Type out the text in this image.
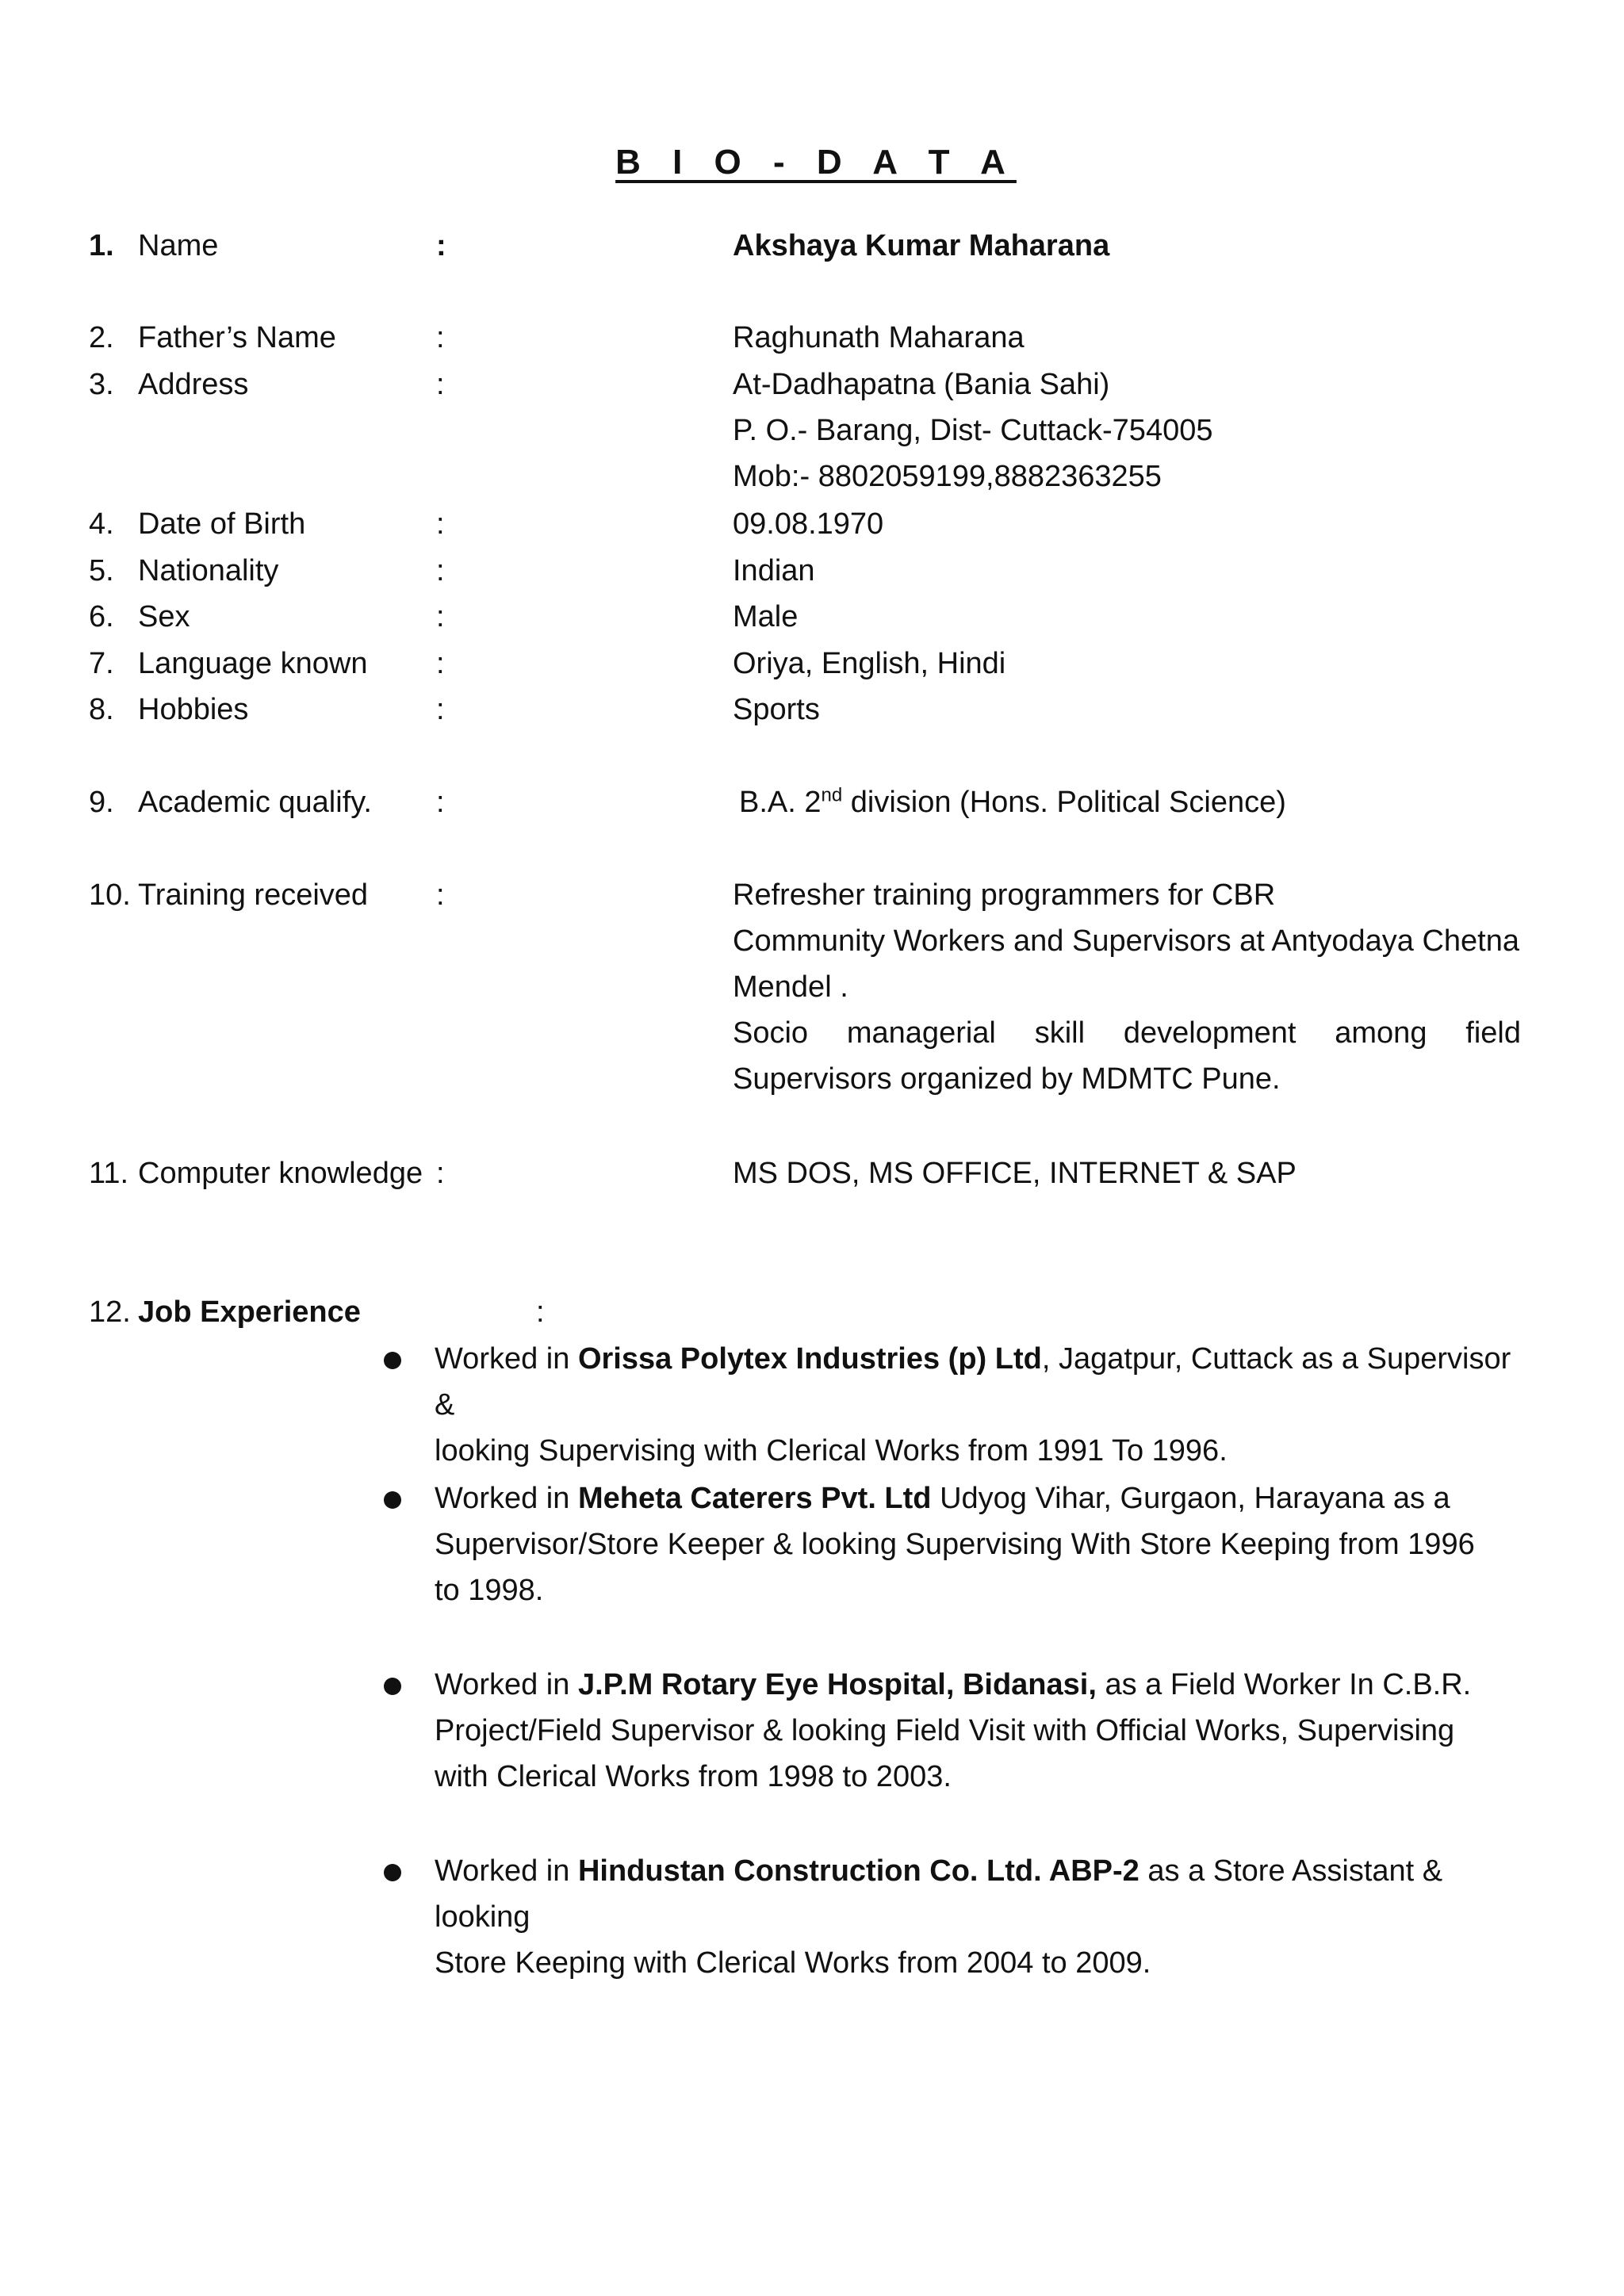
B I O - D A T A
1. Name	:	Akshaya Kumar Maharana
2. Father’s Name	:	Raghunath Maharana
3. Address	:	At-Dadhapatna (Bania Sahi)
P. O.- Barang, Dist- Cuttack-754005
Mob:- 8802059199,8882363255
4. Date of Birth	:	09.08.1970
5. Nationality	:	Indian
6. Sex	:	Male
7. Language known :	Oriya, English, Hindi
8. Hobbies	:	Sports
9. Academic qualify. :	B.A. 2nd division (Hons. Political Science)
10. Training received :	Refresher training programmers for CBR
Community Workers and Supervisors at Antyodaya Chetna
Mendel .
Socio managerial skill development among field
Supervisors organized by MDMTC Pune.
11. Computer knowledge :	MS DOS, MS OFFICE, INTERNET & SAP
12. Job Experience	:
Worked in Orissa Polytex Industries (p) Ltd, Jagatpur, Cuttack as a Supervisor &
looking Supervising with Clerical Works from 1991 To 1996.
Worked in Meheta Caterers Pvt. Ltd Udyog Vihar, Gurgaon, Harayana as a
Supervisor/Store Keeper & looking Supervising With Store Keeping from 1996
to 1998.
Worked in J.P.M Rotary Eye Hospital, Bidanasi, as a Field Worker In C.B.R.
Project/Field Supervisor & looking Field Visit with Official Works, Supervising
with Clerical Works from 1998 to 2003.
Worked in Hindustan Construction Co. Ltd. ABP-2 as a Store Assistant & looking
Store Keeping with Clerical Works from 2004 to 2009.
